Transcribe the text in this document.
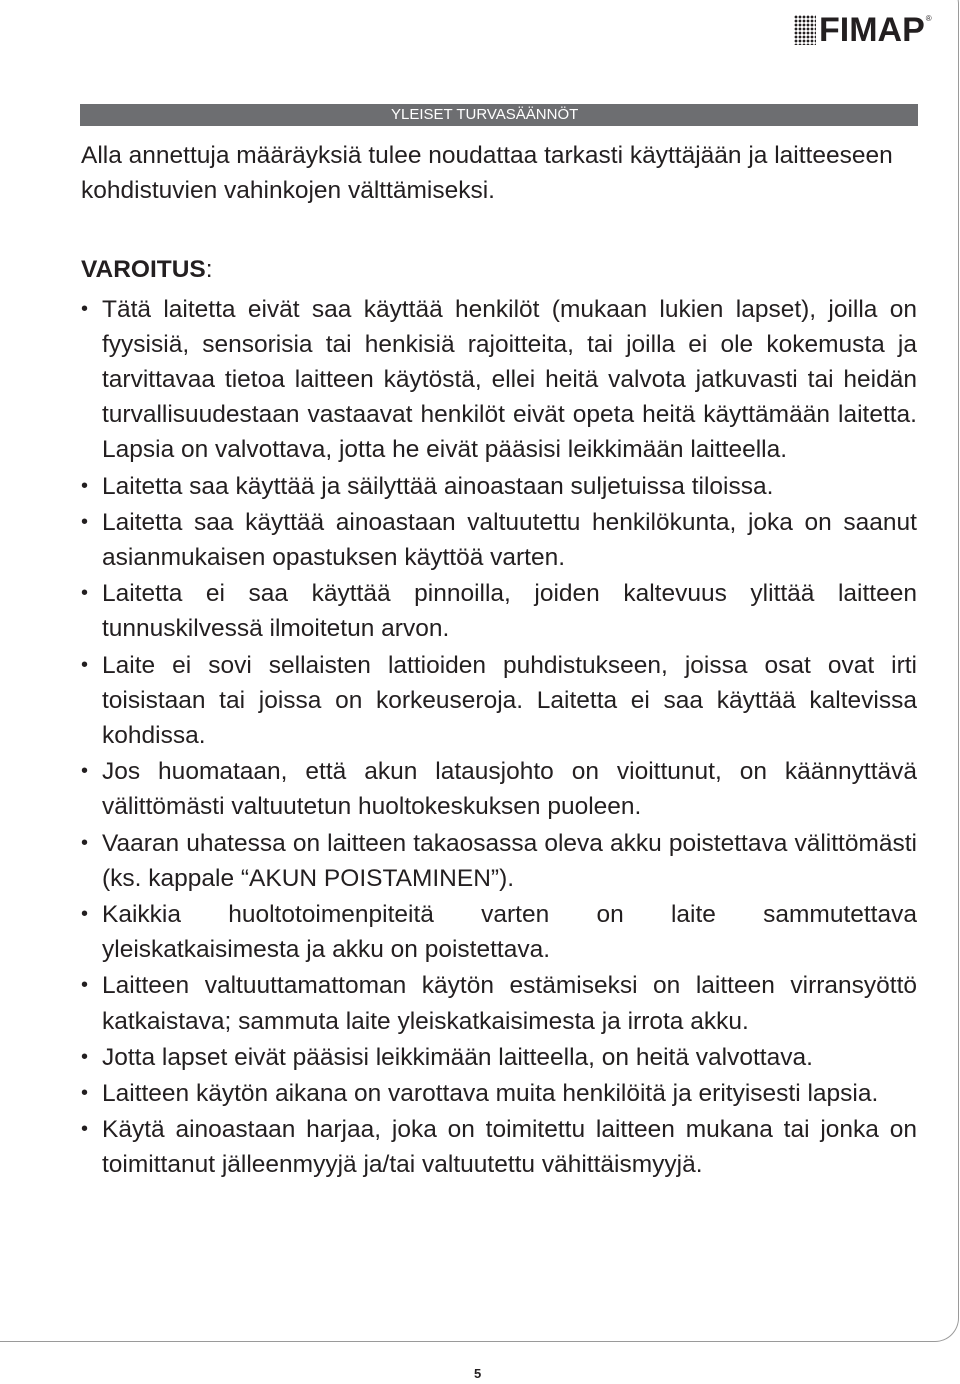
FIMAP ®
YLEISET TURVASÄÄNNÖT

Alla annettuja määräyksiä tulee noudattaa tarkasti käyttäjään ja laitteeseen kohdistuvien vahinkojen välttämiseksi.

VAROITUS:

• Tätä laitetta eivät saa käyttää henkilöt (mukaan lukien lapset), joilla on fyysisiä, sensorisia tai henkisiä rajoitteita, tai joilla ei ole kokemusta ja tarvittavaa tietoa laitteen käytöstä, ellei heitä valvota jatkuvasti tai heidän turvallisuudestaan vastaavat henkilöt eivät opeta heitä käyttämään laitetta. Lapsia on valvottava, jotta he eivät pääsisi leikkimään laitteella.
• Laitetta saa käyttää ja säilyttää ainoastaan suljetuissa tiloissa.
• Laitetta saa käyttää ainoastaan valtuutettu henkilökunta, joka on saanut asianmukaisen opastuksen käyttöä varten.
• Laitetta ei saa käyttää pinnoilla, joiden kaltevuus ylittää laitteen tunnuskilvessä ilmoitetun arvon.
• Laite ei sovi sellaisten lattioiden puhdistukseen, joissa osat ovat irti toisistaan tai joissa on korkeuseroja. Laitetta ei saa käyttää kaltevissa kohdissa.
• Jos huomataan, että akun latausjohto on vioittunut, on käännyttävä välittömästi valtuutetun huoltokeskuksen puoleen.
• Vaaran uhatessa on laitteen takaosassa oleva akku poistettava välittömästi (ks. kappale “AKUN POISTAMINEN”).
• Kaikkia huoltotoimenpiteitä varten on laite sammutettava yleiskatkaisimesta ja akku on poistettava.
• Laitteen valtuuttamattoman käytön estämiseksi on laitteen virransyöttö katkaistava; sammuta laite yleiskatkaisimesta ja irrota akku.
• Jotta lapset eivät pääsisi leikkimään laitteella, on heitä valvottava.
• Laitteen käytön aikana on varottava muita henkilöitä ja erityisesti lapsia.
• Käytä ainoastaan harjaa, joka on toimitettu laitteen mukana tai jonka on toimittanut jälleenmyyjä ja/tai valtuutettu vähittäismyyjä.
5
